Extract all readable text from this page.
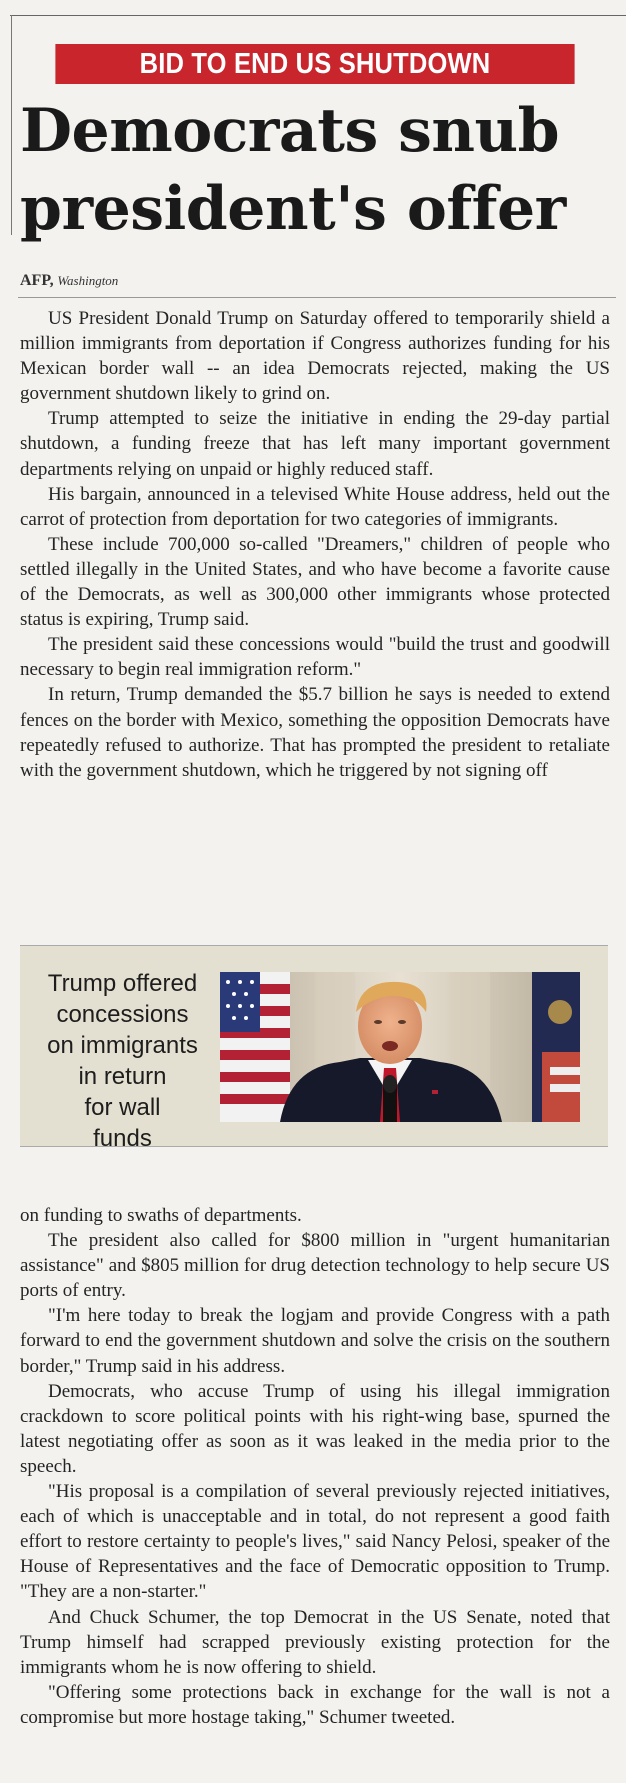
BID TO END US SHUTDOWN
Democrats snub
president's offer
AFP, Washington

US President Donald Trump on Saturday offered to temporarily shield a million immigrants from deportation if Congress authorizes funding for his Mexican border wall -- an idea Democrats rejected, making the US government shutdown likely to grind on.

Trump attempted to seize the initiative in ending the 29-day partial shutdown, a funding freeze that has left many important government departments relying on unpaid or highly reduced staff.

His bargain, announced in a televised White House address, held out the carrot of protection from deportation for two categories of immigrants.

These include 700,000 so-called "Dreamers," children of people who settled illegally in the United States, and who have become a favorite cause of the Democrats, as well as 300,000 other immigrants whose protected status is expiring, Trump said.

The president said these concessions would "build the trust and goodwill necessary to begin real immigration reform."

In return, Trump demanded the $5.7 billion he says is needed to extend fences on the border with Mexico, something the opposition Democrats have repeatedly refused to authorize. That has prompted the president to retaliate with the government shutdown, which he triggered by not signing off

Trump offered
concessions
on immigrants
in return
for wall
funds

on funding to swaths of departments.

The president also called for $800 million in "urgent humanitarian assistance" and $805 million for drug detection technology to help secure US ports of entry.

"I'm here today to break the logjam and provide Congress with a path forward to end the government shutdown and solve the crisis on the southern border," Trump said in his address.

Democrats, who accuse Trump of using his illegal immigration crackdown to score political points with his right-wing base, spurned the latest negotiating offer as soon as it was leaked in the media prior to the speech.

"His proposal is a compilation of several previously rejected initiatives, each of which is unacceptable and in total, do not represent a good faith effort to restore certainty to people's lives," said Nancy Pelosi, speaker of the House of Representatives and the face of Democratic opposition to Trump. "They are a non-starter."

And Chuck Schumer, the top Democrat in the US Senate, noted that Trump himself had scrapped previously existing protection for the immigrants whom he is now offering to shield.

"Offering some protections back in exchange for the wall is not a compromise but more hostage taking," Schumer tweeted.
